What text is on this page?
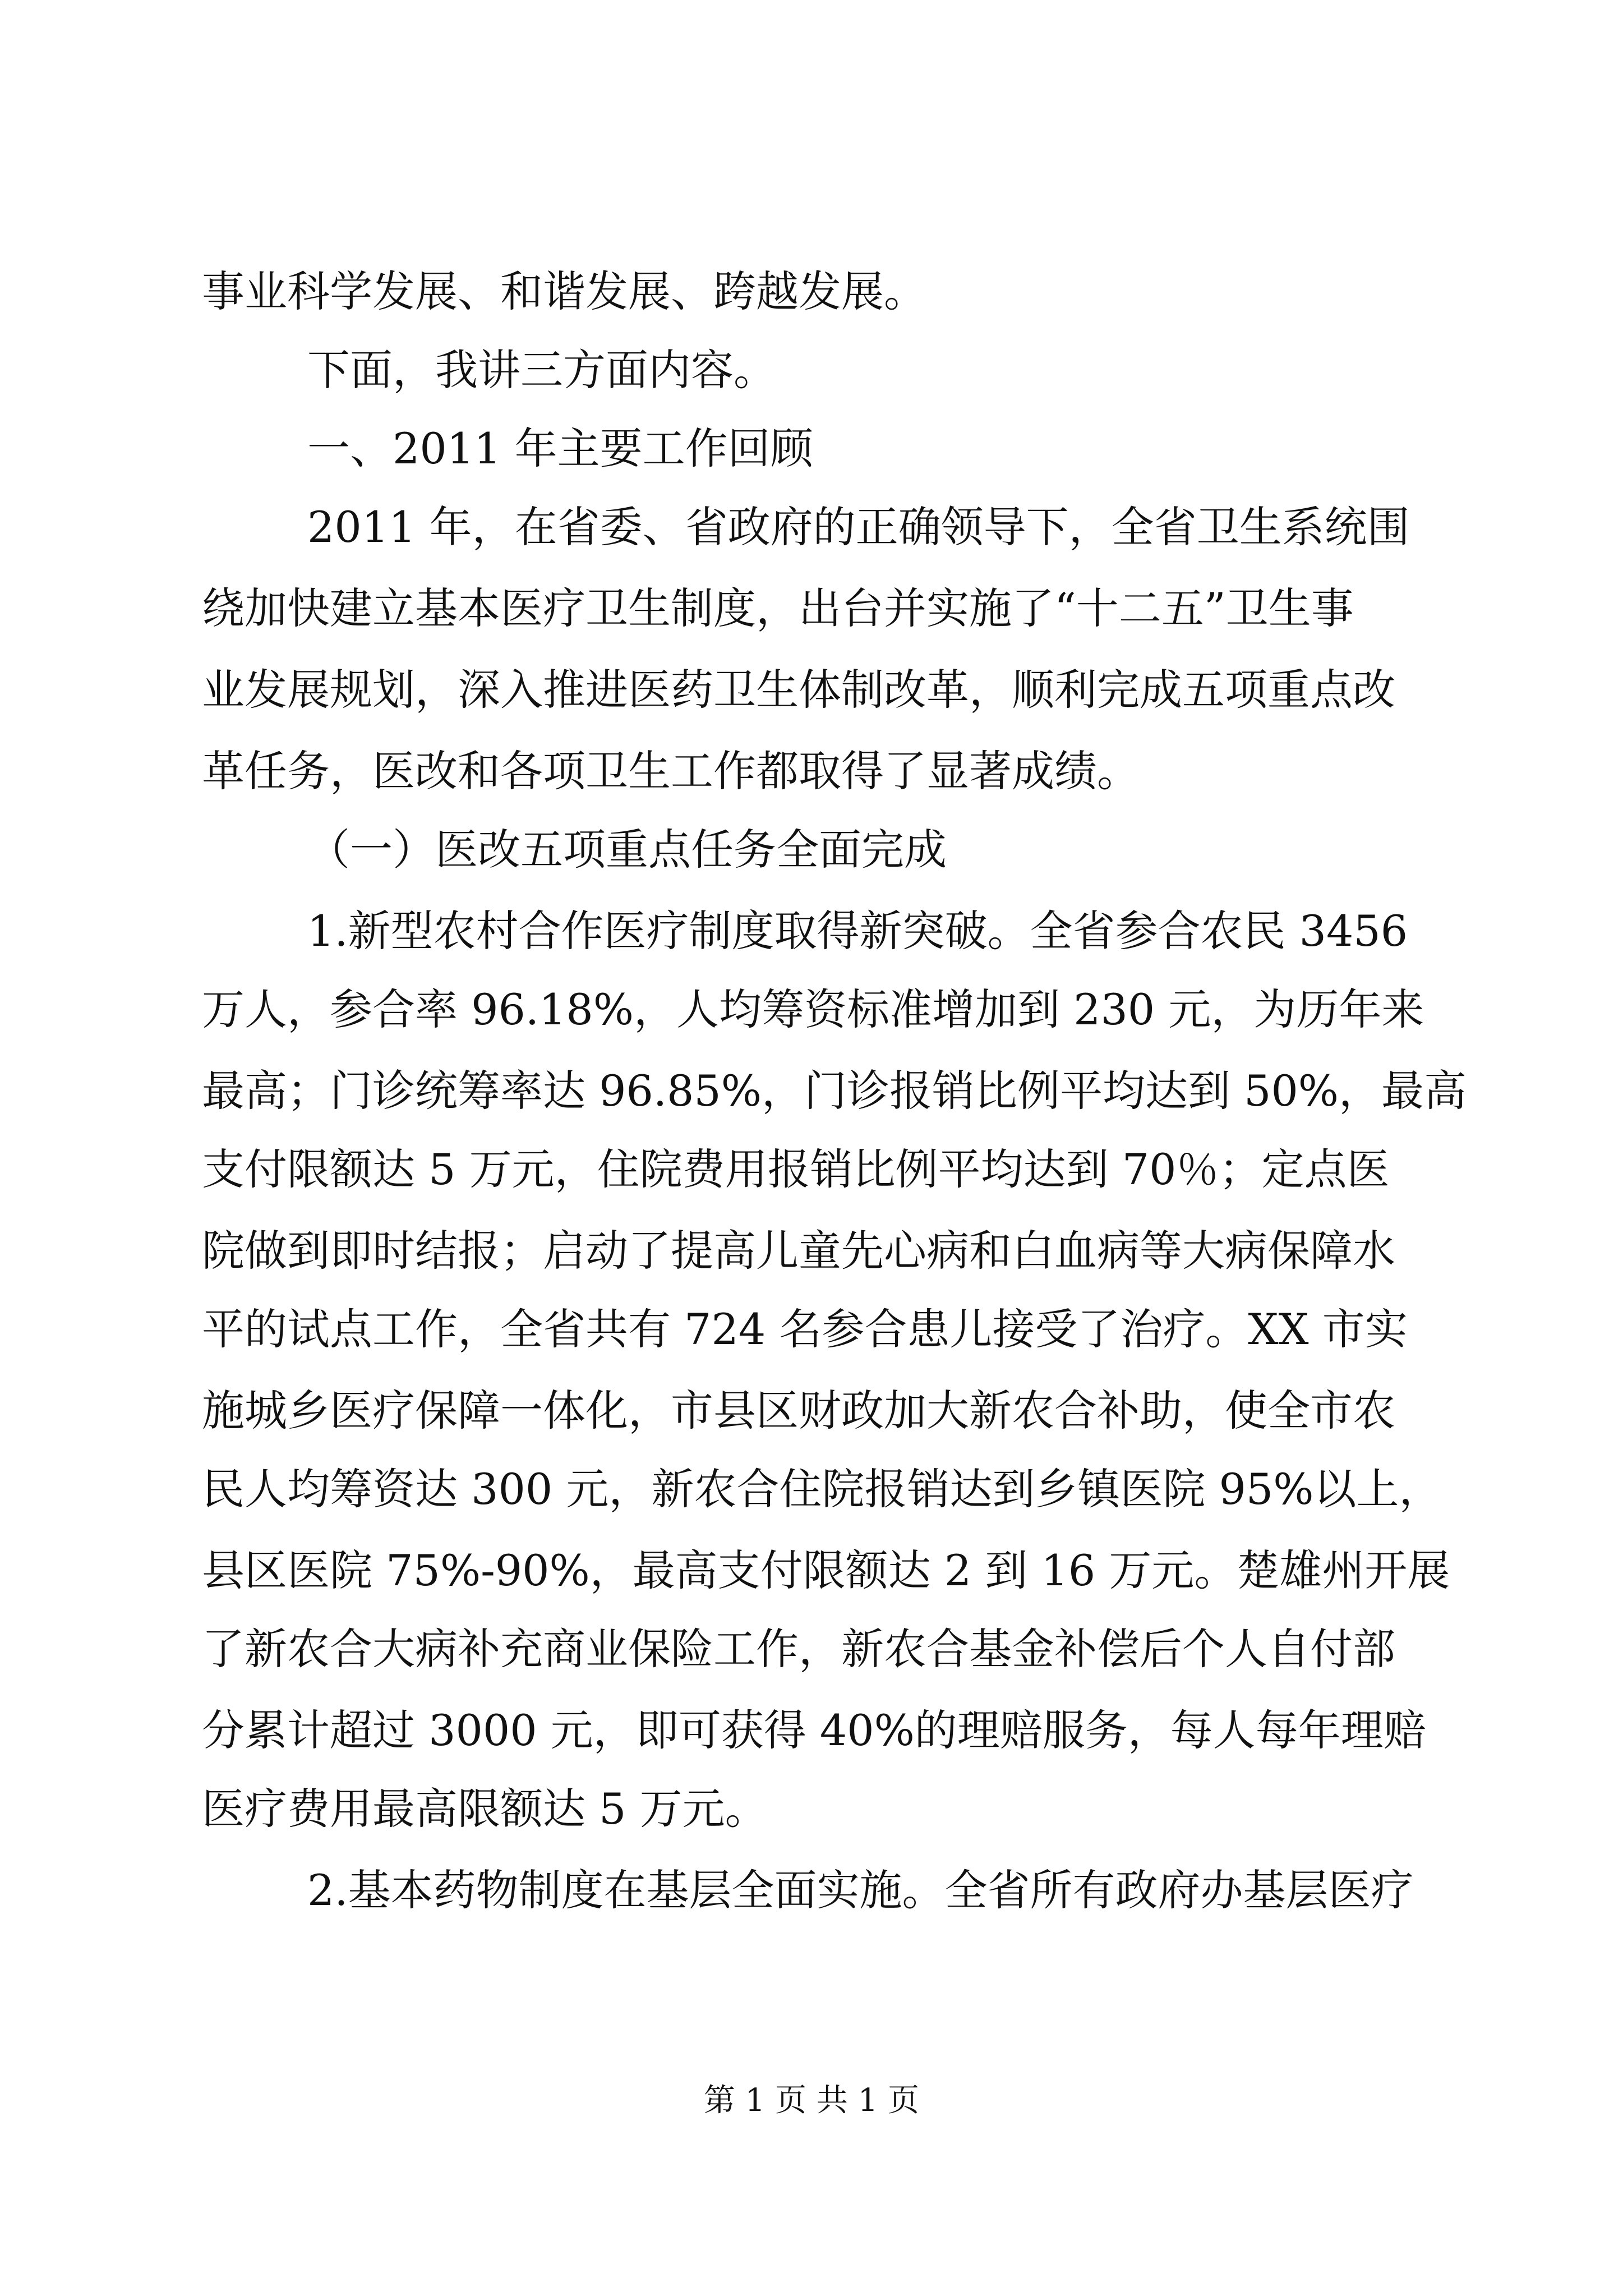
事业科学发展、和谐发展、跨越发展。
下面，我讲三方面内容。
一、2011 年主要工作回顾
2011 年，在省委、省政府的正确领导下，全省卫生系统围
绕加快建立基本医疗卫生制度，出台并实施了“十二五”卫生事
业发展规划，深入推进医药卫生体制改革，顺利完成五项重点改
革任务，医改和各项卫生工作都取得了显著成绩。
（一）医改五项重点任务全面完成
1.新型农村合作医疗制度取得新突破。全省参合农民 3456
万人，参合率 96.18%，人均筹资标准增加到 230 元，为历年来
最高；门诊统筹率达 96.85%，门诊报销比例平均达到 50%，最高
支付限额达 5 万元，住院费用报销比例平均达到 70％；定点医
院做到即时结报；启动了提高儿童先心病和白血病等大病保障水
平的试点工作，全省共有 724 名参合患儿接受了治疗。XX 市实
施城乡医疗保障一体化，市县区财政加大新农合补助，使全市农
民人均筹资达 300 元，新农合住院报销达到乡镇医院 95%以上，
县区医院 75%-90%，最高支付限额达 2 到 16 万元。楚雄州开展
了新农合大病补充商业保险工作，新农合基金补偿后个人自付部
分累计超过 3000 元，即可获得 40%的理赔服务，每人每年理赔
医疗费用最高限额达 5 万元。
2.基本药物制度在基层全面实施。全省所有政府办基层医疗
第 1 页 共 1 页
